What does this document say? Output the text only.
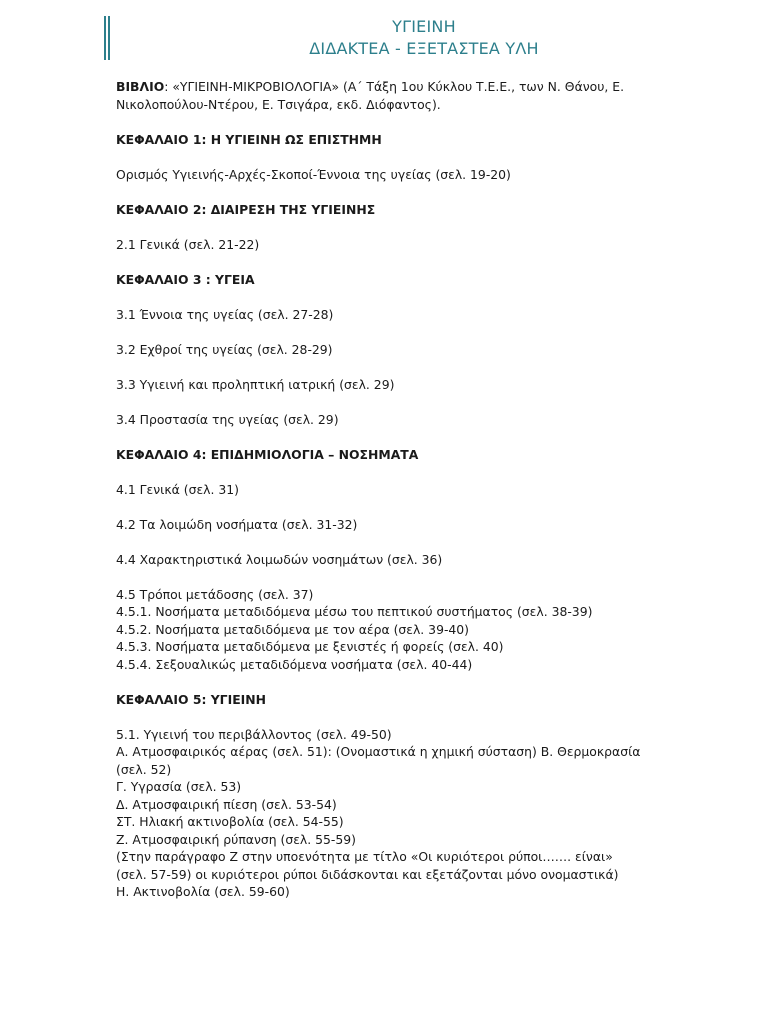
ΥΓΙΕΙΝΗ
ΔΙΔΑΚΤΕΑ - ΕΞΕΤΑΣΤΕΑ ΥΛΗ

ΒΙΒΛΙΟ: «ΥΓΙΕΙΝΗ-ΜΙΚΡΟΒΙΟΛΟΓΙΑ» (Α΄ Τάξη 1ου Κύκλου Τ.Ε.Ε., των Ν. Θάνου, Ε. Νικολοπούλου-Ντέρου, Ε. Τσιγάρα, εκδ. Διόφαντος).

ΚΕΦΑΛΑΙΟ 1: Η ΥΓΙΕΙΝΗ ΩΣ ΕΠΙΣΤΗΜΗ

Ορισμός Υγιεινής-Αρχές-Σκοποί-Έννοια της υγείας (σελ. 19-20)

ΚΕΦΑΛΑΙΟ 2: ΔΙΑΙΡΕΣΗ ΤΗΣ ΥΓΙΕΙΝΗΣ

2.1 Γενικά (σελ. 21-22)

ΚΕΦΑΛΑΙΟ 3 : ΥΓΕΙΑ

3.1 Έννοια της υγείας (σελ. 27-28)

3.2 Εχθροί της υγείας (σελ. 28-29)

3.3 Υγιεινή και προληπτική ιατρική (σελ. 29)

3.4 Προστασία της υγείας (σελ. 29)

ΚΕΦΑΛΑΙΟ 4: ΕΠΙΔΗΜΙΟΛΟΓΙΑ – ΝΟΣΗΜΑΤΑ

4.1 Γενικά (σελ. 31)

4.2 Τα λοιμώδη νοσήματα (σελ. 31-32)

4.4 Χαρακτηριστικά λοιμωδών νοσημάτων (σελ. 36)

4.5 Τρόποι μετάδοσης (σελ. 37)

4.5.1. Νοσήματα μεταδιδόμενα μέσω του πεπτικού συστήματος (σελ. 38-39)

4.5.2. Νοσήματα μεταδιδόμενα με τον αέρα (σελ. 39-40)

4.5.3. Νοσήματα μεταδιδόμενα με ξενιστές ή φορείς (σελ. 40)

4.5.4. Σεξουαλικώς μεταδιδόμενα νοσήματα (σελ. 40-44)

ΚΕΦΑΛΑΙΟ 5: ΥΓΙΕΙΝΗ

5.1. Υγιεινή του περιβάλλοντος (σελ. 49-50)

Α. Ατμοσφαιρικός αέρας (σελ. 51): (Ονομαστικά η χημική σύσταση) Β. Θερμοκρασία (σελ. 52)

Γ. Υγρασία (σελ. 53)

Δ. Ατμοσφαιρική πίεση (σελ. 53-54)

ΣΤ. Ηλιακή ακτινοβολία (σελ. 54-55)

Ζ. Ατμοσφαιρική ρύπανση (σελ. 55-59)

(Στην παράγραφο Ζ στην υποενότητα με τίτλο «Οι κυριότεροι ρύποι……. είναι» (σελ. 57-59) οι κυριότεροι ρύποι διδάσκονται και εξετάζονται μόνο ονομαστικά)

Η. Ακτινοβολία (σελ. 59-60)
